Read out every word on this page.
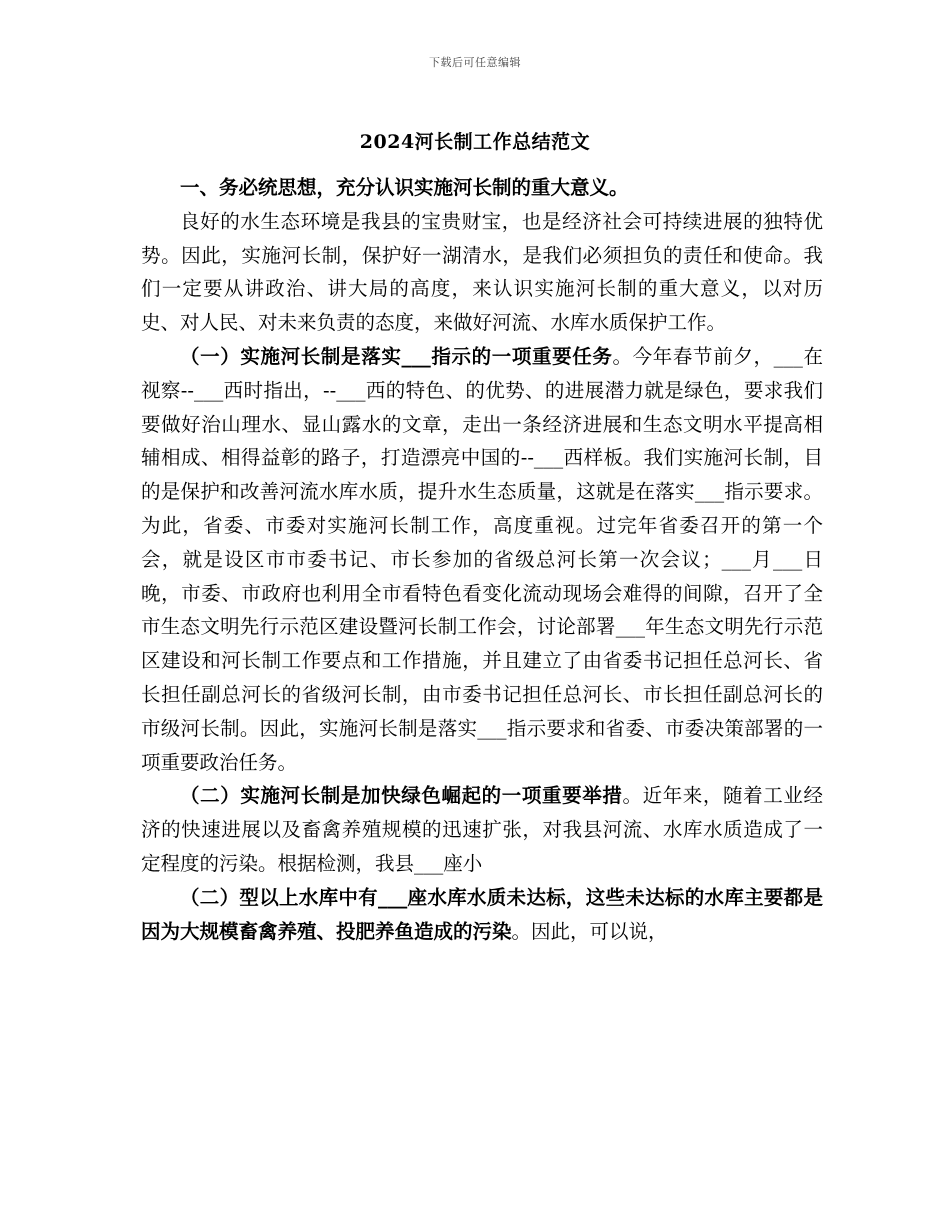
下载后可任意编辑
2024河长制工作总结范文

一、务必统思想，充分认识实施河长制的重大意义。

良好的水生态环境是我县的宝贵财宝，也是经济社会可持续进展的独特优势。因此，实施河长制，保护好一湖清水，是我们必须担负的责任和使命。我们一定要从讲政治、讲大局的高度，来认识实施河长制的重大意义，以对历史、对人民、对未来负责的态度，来做好河流、水库水质保护工作。

（一）实施河长制是落实___指示的一项重要任务。今年春节前夕，___在视察--___西时指出，--___西的特色、的优势、的进展潜力就是绿色，要求我们要做好治山理水、显山露水的文章，走出一条经济进展和生态文明水平提高相辅相成、相得益彰的路子，打造漂亮中国的--___西样板。我们实施河长制，目的是保护和改善河流水库水质，提升水生态质量，这就是在落实___指示要求。为此，省委、市委对实施河长制工作，高度重视。过完年省委召开的第一个会，就是设区市市委书记、市长参加的省级总河长第一次会议；___月___日晚，市委、市政府也利用全市看特色看变化流动现场会难得的间隙，召开了全市生态文明先行示范区建设暨河长制工作会，讨论部署___年生态文明先行示范区建设和河长制工作要点和工作措施，并且建立了由省委书记担任总河长、省长担任副总河长的省级河长制，由市委书记担任总河长、市长担任副总河长的市级河长制。因此，实施河长制是落实___指示要求和省委、市委决策部署的一项重要政治任务。

（二）实施河长制是加快绿色崛起的一项重要举措。近年来，随着工业经济的快速进展以及畜禽养殖规模的迅速扩张，对我县河流、水库水质造成了一定程度的污染。根据检测，我县___座小

（二）型以上水库中有___座水库水质未达标，这些未达标的水库主要都是因为大规模畜禽养殖、投肥养鱼造成的污染。因此，可以说，
